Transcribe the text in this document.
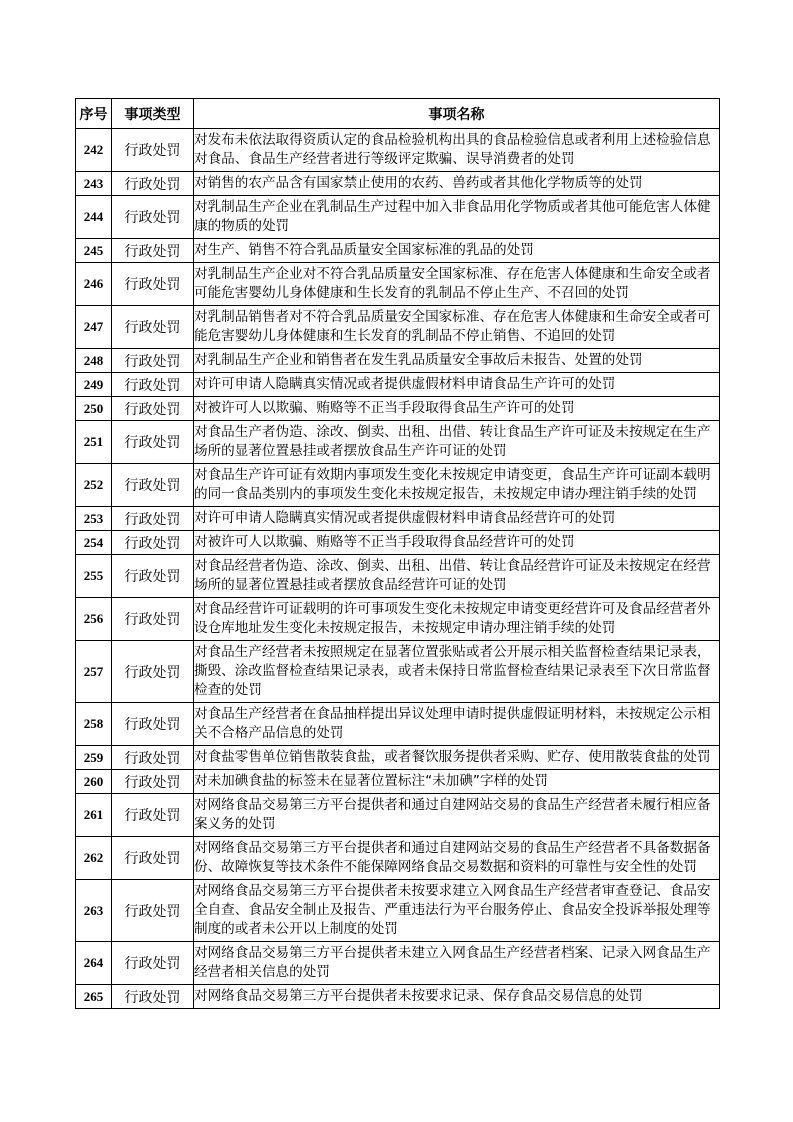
序号	事项类型	事项名称
242	行政处罚	对发布未依法取得资质认定的食品检验机构出具的食品检验信息或者利用上述检验信息对食品、食品生产经营者进行等级评定欺骗、误导消费者的处罚
243	行政处罚	对销售的农产品含有国家禁止使用的农药、兽药或者其他化学物质等的处罚
244	行政处罚	对乳制品生产企业在乳制品生产过程中加入非食品用化学物质或者其他可能危害人体健康的物质的处罚
245	行政处罚	对生产、销售不符合乳品质量安全国家标准的乳品的处罚
246	行政处罚	对乳制品生产企业对不符合乳品质量安全国家标准、存在危害人体健康和生命安全或者可能危害婴幼儿身体健康和生长发育的乳制品不停止生产、不召回的处罚
247	行政处罚	对乳制品销售者对不符合乳品质量安全国家标准、存在危害人体健康和生命安全或者可能危害婴幼儿身体健康和生长发育的乳制品不停止销售、不追回的处罚
248	行政处罚	对乳制品生产企业和销售者在发生乳品质量安全事故后未报告、处置的处罚
249	行政处罚	对许可申请人隐瞒真实情况或者提供虚假材料申请食品生产许可的处罚
250	行政处罚	对被许可人以欺骗、贿赂等不正当手段取得食品生产许可的处罚
251	行政处罚	对食品生产者伪造、涂改、倒卖、出租、出借、转让食品生产许可证及未按规定在生产场所的显著位置悬挂或者摆放食品生产许可证的处罚
252	行政处罚	对食品生产许可证有效期内事项发生变化未按规定申请变更，食品生产许可证副本载明的同一食品类别内的事项发生变化未按规定报告，未按规定申请办理注销手续的处罚
253	行政处罚	对许可申请人隐瞒真实情况或者提供虚假材料申请食品经营许可的处罚
254	行政处罚	对被许可人以欺骗、贿赂等不正当手段取得食品经营许可的处罚
255	行政处罚	对食品经营者伪造、涂改、倒卖、出租、出借、转让食品经营许可证及未按规定在经营场所的显著位置悬挂或者摆放食品经营许可证的处罚
256	行政处罚	对食品经营许可证载明的许可事项发生变化未按规定申请变更经营许可及食品经营者外设仓库地址发生变化未按规定报告，未按规定申请办理注销手续的处罚
257	行政处罚	对食品生产经营者未按照规定在显著位置张贴或者公开展示相关监督检查结果记录表，撕毁、涂改监督检查结果记录表，或者未保持日常监督检查结果记录表至下次日常监督检查的处罚
258	行政处罚	对食品生产经营者在食品抽样提出异议处理申请时提供虚假证明材料，未按规定公示相关不合格产品信息的处罚
259	行政处罚	对食盐零售单位销售散装食盐，或者餐饮服务提供者采购、贮存、使用散装食盐的处罚
260	行政处罚	对未加碘食盐的标签未在显著位置标注“未加碘”字样的处罚
261	行政处罚	对网络食品交易第三方平台提供者和通过自建网站交易的食品生产经营者未履行相应备案义务的处罚
262	行政处罚	对网络食品交易第三方平台提供者和通过自建网站交易的食品生产经营者不具备数据备份、故障恢复等技术条件不能保障网络食品交易数据和资料的可靠性与安全性的处罚
263	行政处罚	对网络食品交易第三方平台提供者未按要求建立入网食品生产经营者审查登记、食品安全自查、食品安全制止及报告、严重违法行为平台服务停止、食品安全投诉举报处理等制度的或者未公开以上制度的处罚
264	行政处罚	对网络食品交易第三方平台提供者未建立入网食品生产经营者档案、记录入网食品生产经营者相关信息的处罚
265	行政处罚	对网络食品交易第三方平台提供者未按要求记录、保存食品交易信息的处罚
